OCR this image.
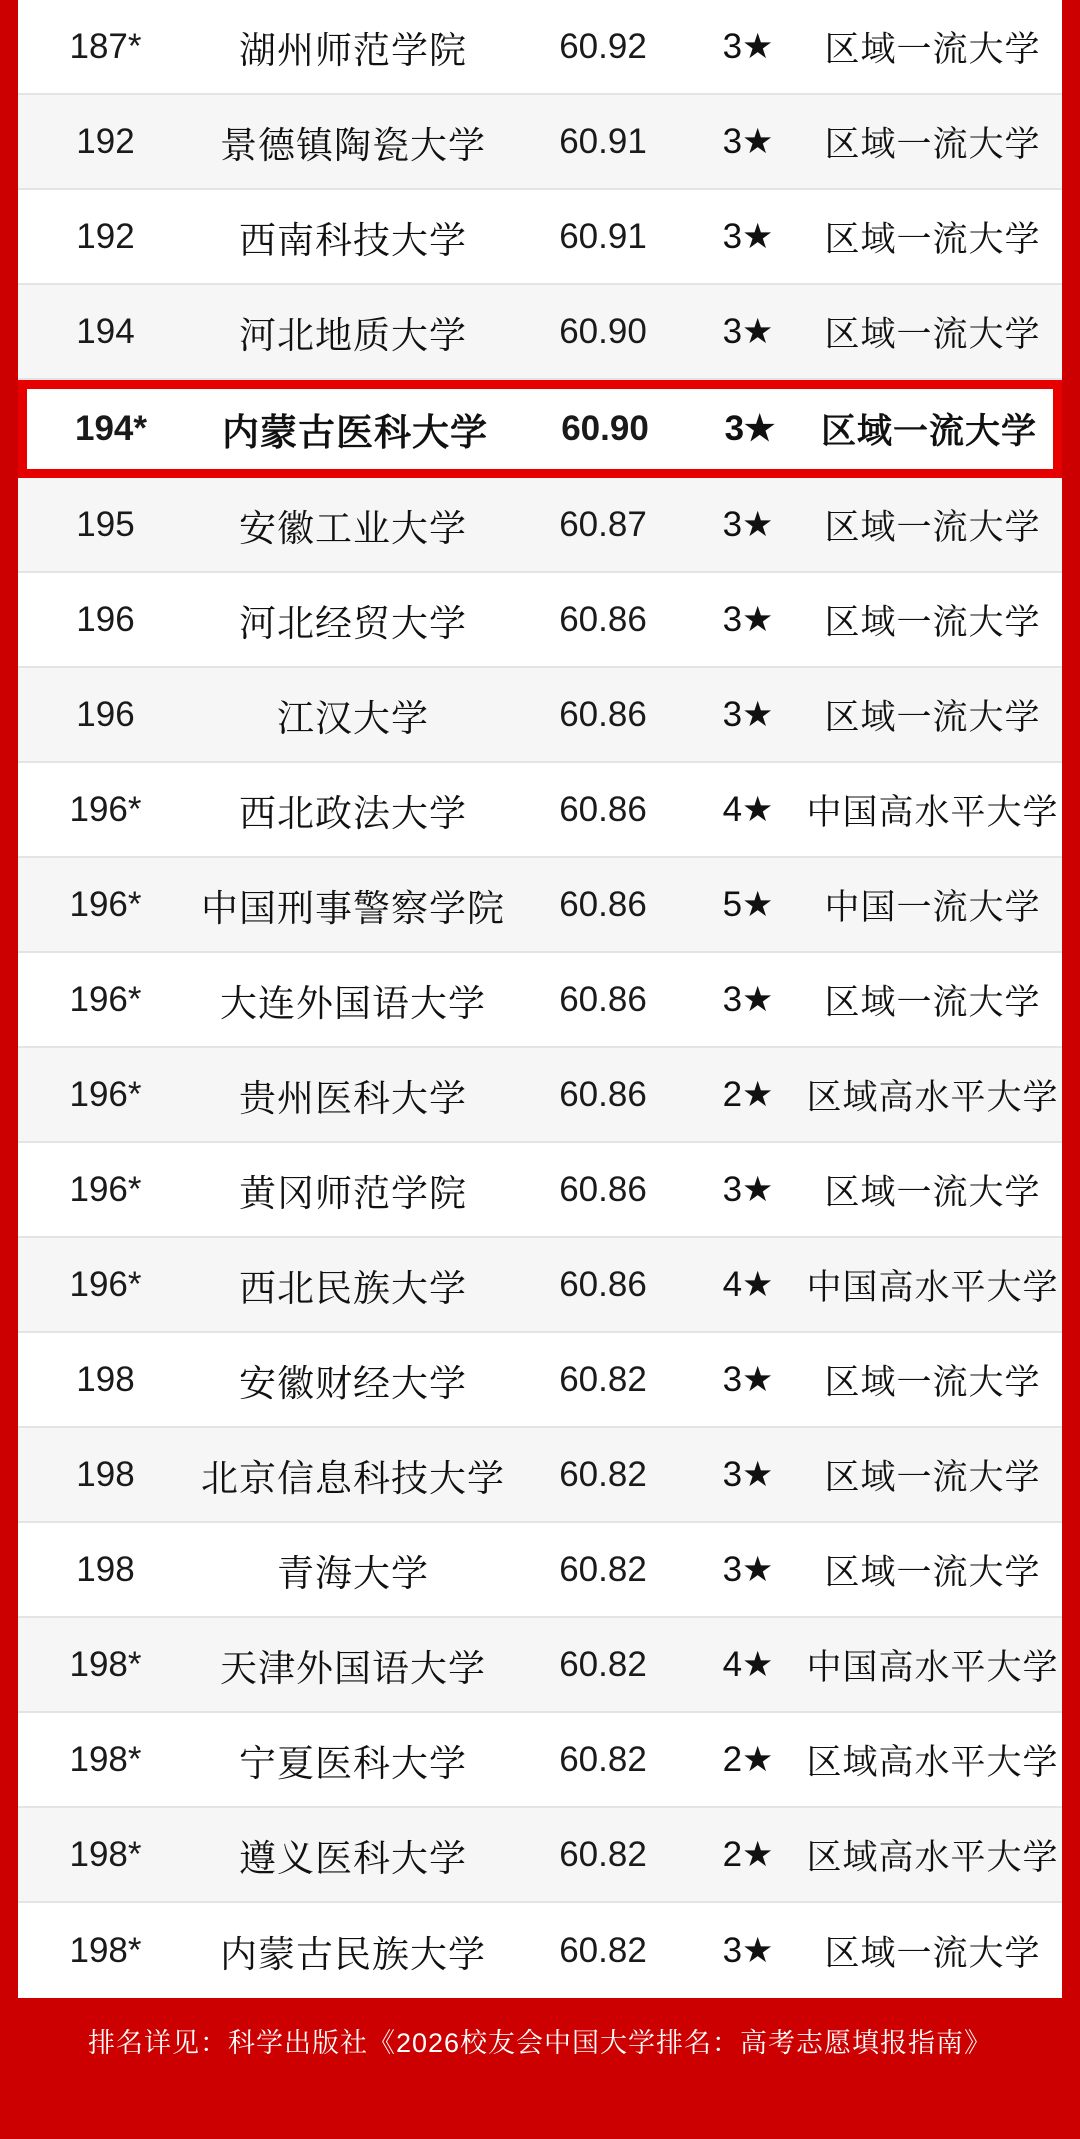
187*	湖州师范学院	60.92	3★	区域一流大学
192	景德镇陶瓷大学	60.91	3★	区域一流大学
192	西南科技大学	60.91	3★	区域一流大学
194	河北地质大学	60.90	3★	区域一流大学
194*	内蒙古医科大学	60.90	3★	区域一流大学
195	安徽工业大学	60.87	3★	区域一流大学
196	河北经贸大学	60.86	3★	区域一流大学
196	江汉大学	60.86	3★	区域一流大学
196*	西北政法大学	60.86	4★ 中国高水平大学
196*	中国刑事警察学院	60.86	5★	中国一流大学
196*	大连外国语大学	60.86	3★	区域一流大学
196*	贵州医科大学	60.86	2★ 区域高水平大学
196*	黄冈师范学院	60.86	3★	区域一流大学
196*	西北民族大学	60.86	4★ 中国高水平大学
198	安徽财经大学	60.82	3★	区域一流大学
198	北京信息科技大学	60.82	3★	区域一流大学
198	青海大学	60.82	3★	区域一流大学
198*	天津外国语大学	60.82	4★ 中国高水平大学
198*	宁夏医科大学	60.82	2★ 区域高水平大学
198*	遵义医科大学	60.82	2★ 区域高水平大学
198*	内蒙古民族大学	60.82	3★	区域一流大学
排名详见：科学出版社《2026校友会中国大学排名：高考志愿填报指南》
